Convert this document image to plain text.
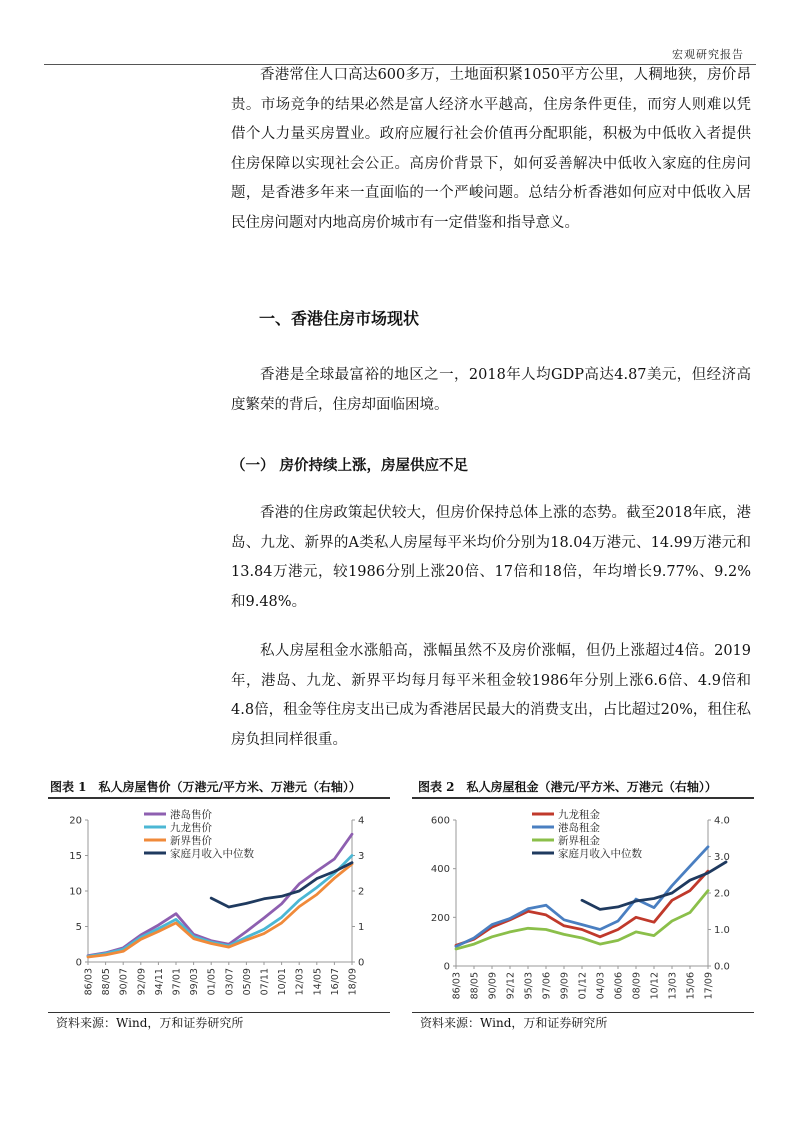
宏观研究报告

香港常住人口高达600多万，土地面积紧1050平方公里，人稠地狭，房价昂贵。市场竞争的结果必然是富人经济水平越高，住房条件更佳，而穷人则难以凭借个人力量买房置业。政府应履行社会价值再分配职能，积极为中低收入者提供住房保障以实现社会公正。高房价背景下，如何妥善解决中低收入家庭的住房问题，是香港多年来一直面临的一个严峻问题。总结分析香港如何应对中低收入居民住房问题对内地高房价城市有一定借鉴和指导意义。

一、香港住房市场现状

香港是全球最富裕的地区之一，2018年人均GDP高达4.87美元，但经济高度繁荣的背后，住房却面临困境。

（一） 房价持续上涨，房屋供应不足

香港的住房政策起伏较大，但房价保持总体上涨的态势。截至2018年底，港岛、九龙、新界的A类私人房屋每平米均价分别为18.04万港元、14.99万港元和13.84万港元，较1986分别上涨20倍、17倍和18倍，年均增长9.77%、9.2%和9.48%。

私人房屋租金水涨船高，涨幅虽然不及房价涨幅，但仍上涨超过4倍。2019年，港岛、九龙、新界平均每月每平米租金较1986年分别上涨6.6倍、4.9倍和4.8倍，租金等住房支出已成为香港居民最大的消费支出，占比超过20%，租住私房负担同样很重。

图表 1　私人房屋售价（万港元/平方米、万港元（右轴））
0
5
10
15
20
0
1
2
3
4
86/03 88/05 90/07 92/09 94/11 97/01 99/03 01/05 03/07 05/09 07/11 10/01 12/03 14/05 16/07 18/09
港岛售价
九龙售价
新界售价
家庭月收入中位数
资料来源：Wind，万和证券研究所
图表 2　私人房屋租金（港元/平方米、万港元（右轴））
0
200
400
600
0.0
1.0
2.0
3.0
4.0
86/03 88/05 90/09 92/12 95/03 97/06 99/09 01/12 04/03 06/06 08/09 10/12 13/03 15/06 17/09
九龙租金
港岛租金
新界租金
家庭月收入中位数
资料来源：Wind，万和证券研究所
